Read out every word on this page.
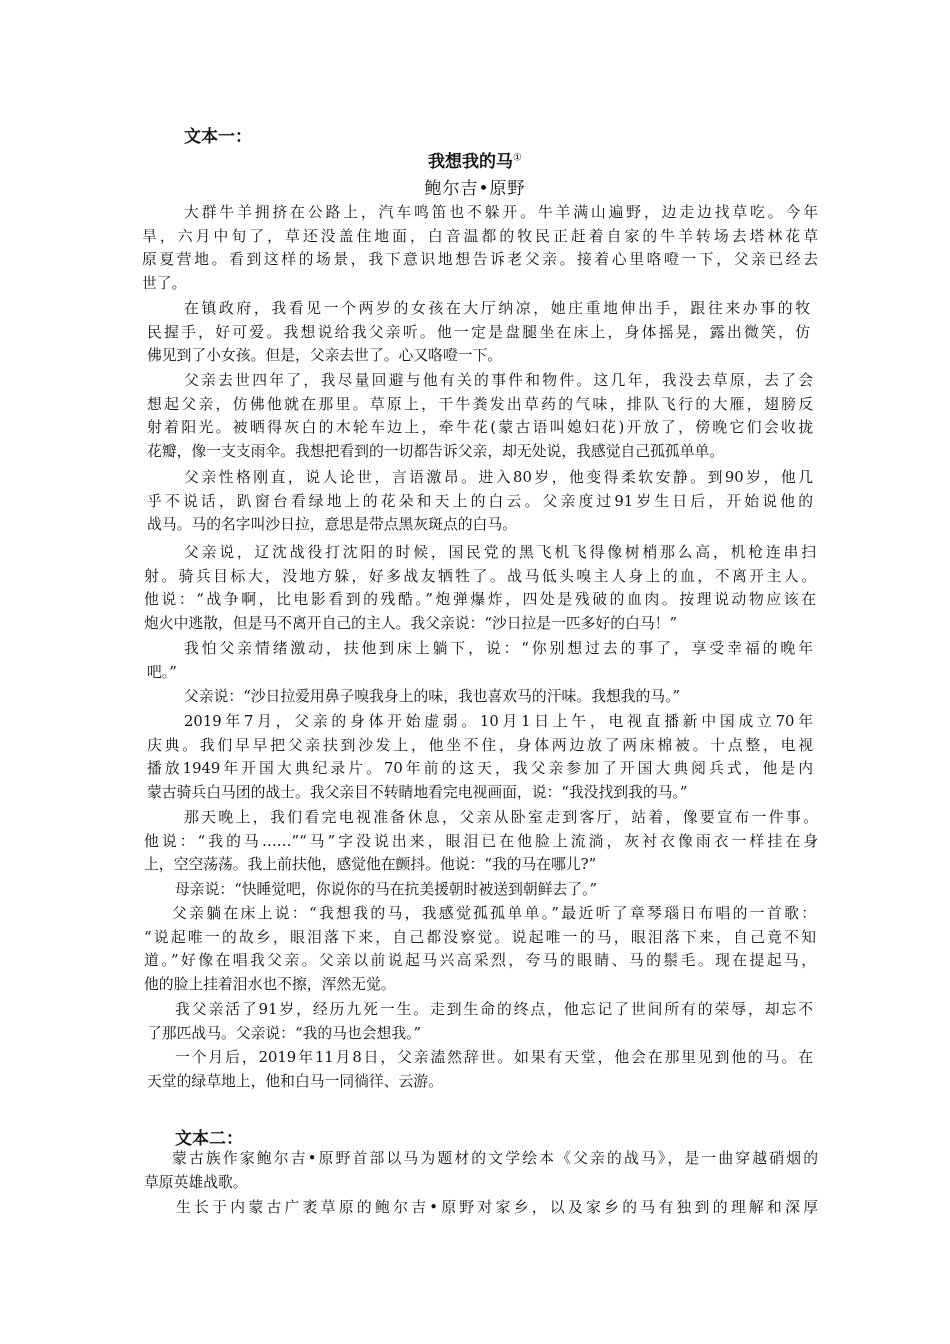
文本一：
我想我的马①
鲍尔吉•原野
大群牛羊拥挤在公路上，汽车鸣笛也不躲开。牛羊满山遍野，边走边找草吃。今年
旱，六月中旬了，草还没盖住地面，白音温都的牧民正赶着自家的牛羊转场去塔林花草
原夏营地。看到这样的场景，我下意识地想告诉老父亲。接着心里咯噔一下，父亲已经去
世了。
在镇政府，我看见一个两岁的女孩在大厅纳凉，她庄重地伸出手，跟往来办事的牧
民握手，好可爱。我想说给我父亲听。他一定是盘腿坐在床上，身体摇晃，露出微笑，仿
佛见到了小女孩。但是，父亲去世了。心又咯噔一下。
父亲去世四年了，我尽量回避与他有关的事件和物件。这几年，我没去草原，去了会
想起父亲，仿佛他就在那里。草原上，干牛粪发出草药的气味，排队飞行的大雁，翅膀反
射着阳光。被晒得灰白的木轮车边上，牵牛花(蒙古语叫媳妇花)开放了，傍晚它们会收拢
花瓣，像一支支雨伞。我想把看到的一切都告诉父亲，却无处说，我感觉自己孤孤单单。
父亲性格刚直，说人论世，言语激昂。进入80岁，他变得柔软安静。到90岁，他几
乎不说话，趴窗台看绿地上的花朵和天上的白云。父亲度过91岁生日后，开始说他的
战马。马的名字叫沙日拉，意思是带点黑灰斑点的白马。
父亲说，辽沈战役打沈阳的时候，国民党的黑飞机飞得像树梢那么高，机枪连串扫
射。骑兵目标大，没地方躲，好多战友牺牲了。战马低头嗅主人身上的血，不离开主人。
他说：“战争啊，比电影看到的残酷。”炮弹爆炸，四处是残破的血肉。按理说动物应该在
炮火中逃散，但是马不离开自己的主人。我父亲说：“沙日拉是一匹多好的白马！”
我怕父亲情绪激动，扶他到床上躺下，说：“你别想过去的事了，享受幸福的晚年
吧。”
父亲说：“沙日拉爱用鼻子嗅我身上的味，我也喜欢马的汗味。我想我的马。”
2019年7月，父亲的身体开始虚弱。10月1日上午，电视直播新中国成立70年
庆典。我们早早把父亲扶到沙发上，他坐不住，身体两边放了两床棉被。十点整，电视
播放1949年开国大典纪录片。70年前的这天，我父亲参加了开国大典阅兵式，他是内
蒙古骑兵白马团的战士。我父亲目不转睛地看完电视画面，说：“我没找到我的马。”
那天晚上，我们看完电视准备休息，父亲从卧室走到客厅，站着，像要宣布一件事。
他说：“我的马……”“马”字没说出来，眼泪已在他脸上流淌，灰衬衣像雨衣一样挂在身
上，空空荡荡。我上前扶他，感觉他在颤抖。他说：“我的马在哪儿?”
母亲说：“快睡觉吧，你说你的马在抗美援朝时被送到朝鲜去了。”
父亲躺在床上说：“我想我的马，我感觉孤孤单单。”最近听了章琴瑙日布唱的一首歌：
“说起唯一的故乡，眼泪落下来，自己都没察觉。说起唯一的马，眼泪落下来，自己竟不知
道。”好像在唱我父亲。父亲以前说起马兴高采烈，夸马的眼睛、马的鬃毛。现在提起马，
他的脸上挂着泪水也不擦，浑然无觉。
我父亲活了91岁，经历九死一生。走到生命的终点，他忘记了世间所有的荣辱，却忘不
了那匹战马。父亲说：“我的马也会想我。”
一个月后，2019年11月8日，父亲溘然辞世。如果有天堂，他会在那里见到他的马。在
天堂的绿草地上，他和白马一同徜徉、云游。
文本二：
蒙古族作家鲍尔吉•原野首部以马为题材的文学绘本《父亲的战马》，是一曲穿越硝烟的
草原英雄战歌。
生长于内蒙古广袤草原的鲍尔吉•原野对家乡，以及家乡的马有独到的理解和深厚
